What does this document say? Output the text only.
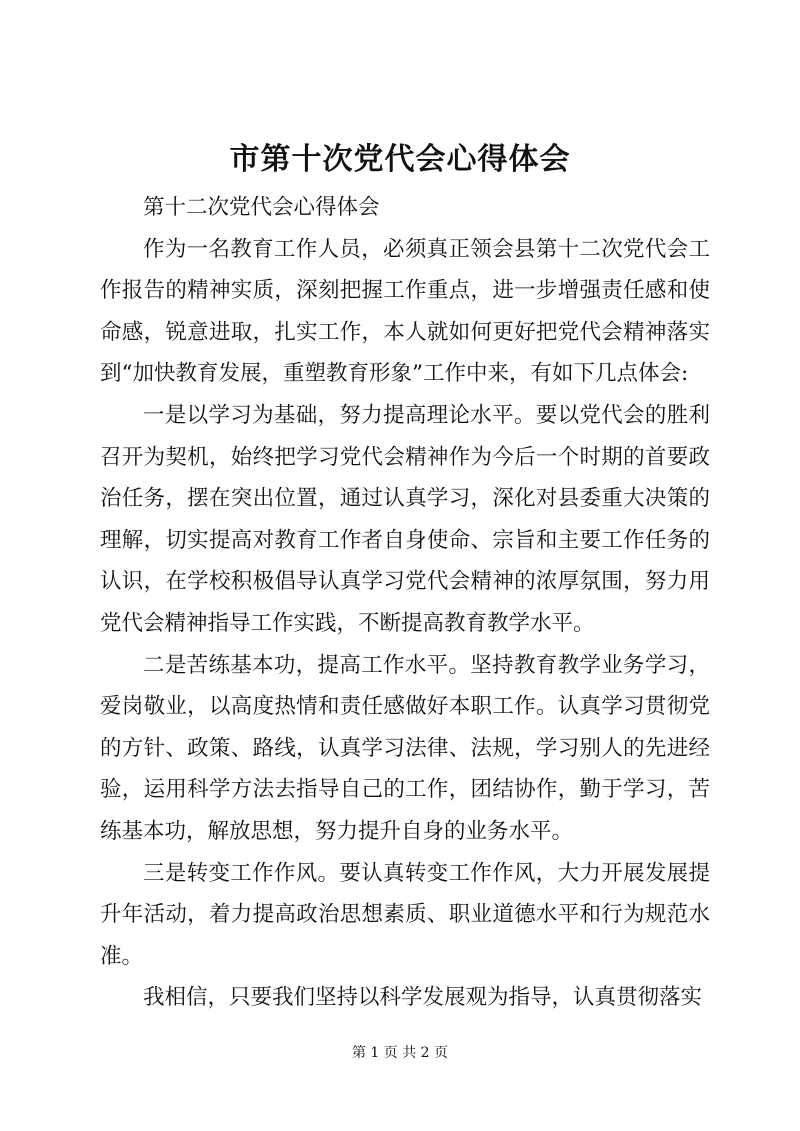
市第十次党代会心得体会

第十二次党代会心得体会

作为一名教育工作人员，必须真正领会县第十二次党代会工作报告的精神实质，深刻把握工作重点，进一步增强责任感和使命感，锐意进取，扎实工作，本人就如何更好把党代会精神落实到“加快教育发展，重塑教育形象”工作中来，有如下几点体会:

一是以学习为基础，努力提高理论水平。要以党代会的胜利召开为契机，始终把学习党代会精神作为今后一个时期的首要政治任务，摆在突出位置，通过认真学习，深化对县委重大决策的理解，切实提高对教育工作者自身使命、宗旨和主要工作任务的认识，在学校积极倡导认真学习党代会精神的浓厚氛围，努力用党代会精神指导工作实践，不断提高教育教学水平。

二是苦练基本功，提高工作水平。坚持教育教学业务学习，爱岗敬业，以高度热情和责任感做好本职工作。认真学习贯彻党的方针、政策、路线，认真学习法律、法规，学习别人的先进经验，运用科学方法去指导自己的工作，团结协作，勤于学习，苦练基本功，解放思想，努力提升自身的业务水平。

三是转变工作作风。要认真转变工作作风，大力开展发展提升年活动，着力提高政治思想素质、职业道德水平和行为规范水准。

我相信，只要我们坚持以科学发展观为指导，认真贯彻落实

第 1 页 共 2 页
